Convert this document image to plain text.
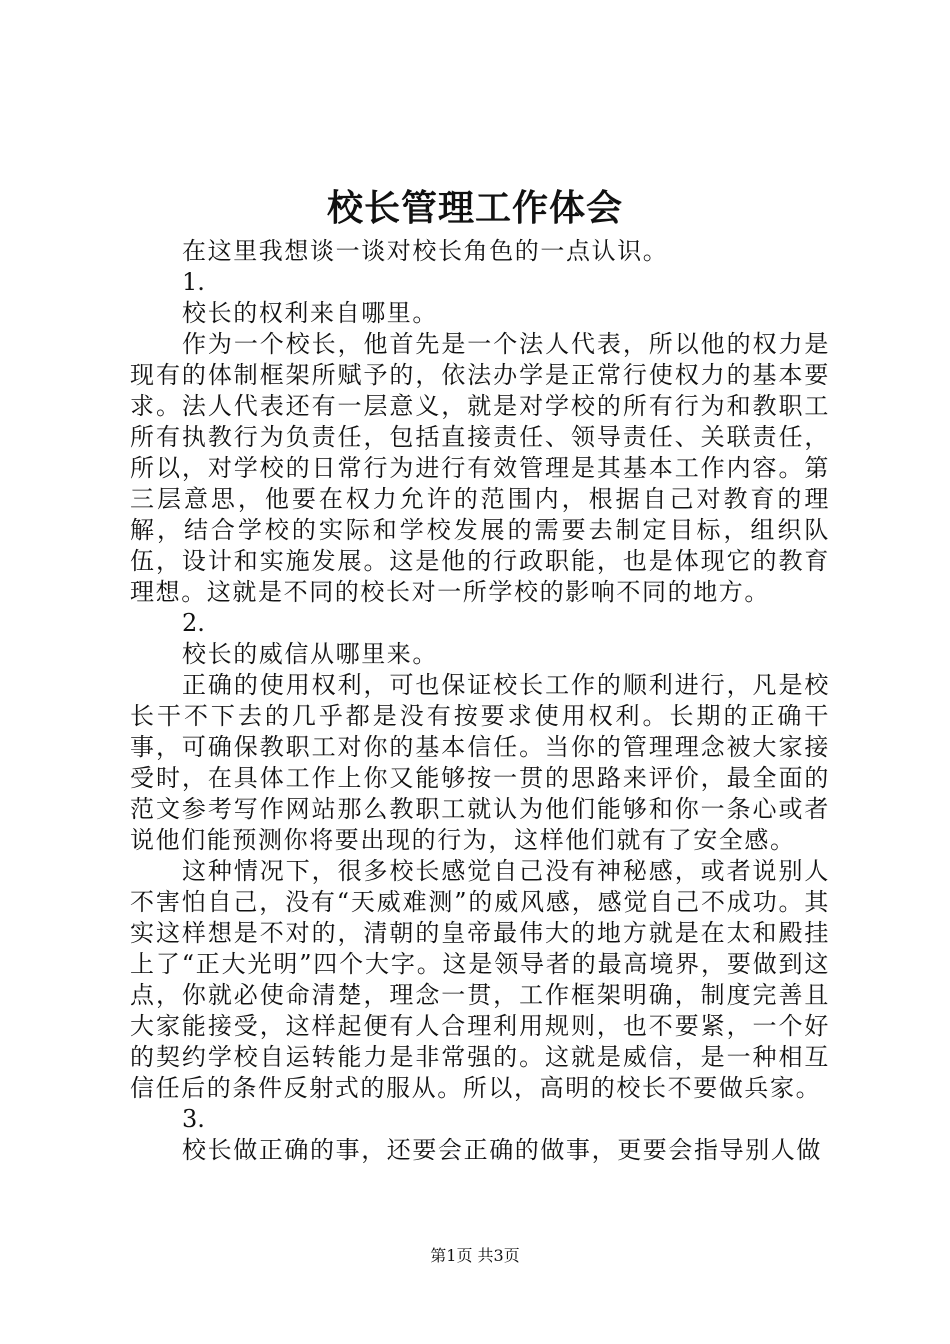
校长管理工作体会

在这里我想谈一谈对校长角色的一点认识。

1.

校长的权利来自哪里。

作为一个校长，他首先是一个法人代表，所以他的权力是现有的体制框架所赋予的，依法办学是正常行使权力的基本要求。法人代表还有一层意义，就是对学校的所有行为和教职工所有执教行为负责任，包括直接责任、领导责任、关联责任，所以，对学校的日常行为进行有效管理是其基本工作内容。第三层意思，他要在权力允许的范围内，根据自己对教育的理解，结合学校的实际和学校发展的需要去制定目标，组织队伍，设计和实施发展。这是他的行政职能，也是体现它的教育理想。这就是不同的校长对一所学校的影响不同的地方。

2.

校长的威信从哪里来。

正确的使用权利，可也保证校长工作的顺利进行，凡是校长干不下去的几乎都是没有按要求使用权利。长期的正确干事，可确保教职工对你的基本信任。当你的管理理念被大家接受时，在具体工作上你又能够按一贯的思路来评价，最全面的范文参考写作网站那么教职工就认为他们能够和你一条心或者说他们能预测你将要出现的行为，这样他们就有了安全感。

这种情况下，很多校长感觉自己没有神秘感，或者说别人不害怕自己，没有“天威难测”的威风感，感觉自己不成功。其实这样想是不对的，清朝的皇帝最伟大的地方就是在太和殿挂上了“正大光明”四个大字。这是领导者的最高境界，要做到这点，你就必使命清楚，理念一贯，工作框架明确，制度完善且大家能接受，这样起便有人合理利用规则，也不要紧，一个好的契约学校自运转能力是非常强的。这就是威信，是一种相互信任后的条件反射式的服从。所以，高明的校长不要做兵家。

3.

校长做正确的事，还要会正确的做事，更要会指导别人做

第1页 共3页
